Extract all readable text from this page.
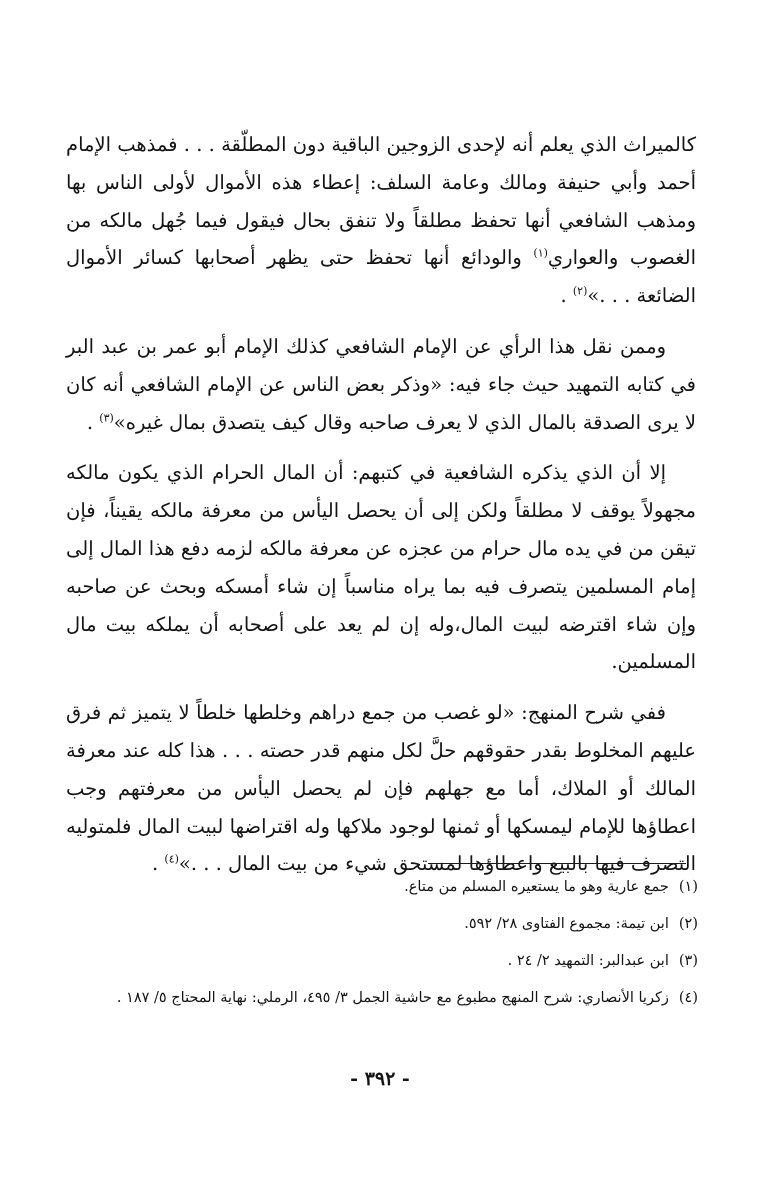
كالميراث الذي يعلم أنه لإحدى الزوجين الباقية دون المطلّقة . . . فمذهب الإمام أحمد وأبي حنيفة ومالك وعامة السلف: إعطاء هذه الأموال لأولى الناس بها ومذهب الشافعي أنها تحفظ مطلقاً ولا تنفق بحال فيقول فيما جُهل مالكه من الغصوب والعواري$^{(١)}$ والودائع أنها تحفظ حتى يظهر أصحابها كسائر الأموال الضائعة . . .»$^{(٢)}$ .

وممن نقل هذا الرأي عن الإمام الشافعي كذلك الإمام أبو عمر بن عبد البر في كتابه التمهيد حيث جاء فيه: «وذكر بعض الناس عن الإمام الشافعي أنه كان لا يرى الصدقة بالمال الذي لا يعرف صاحبه وقال كيف يتصدق بمال غيره»$^{(٣)}$ .

إلا أن الذي يذكره الشافعية في كتبهم: أن المال الحرام الذي يكون مالكه مجهولاً يوقف لا مطلقاً ولكن إلى أن يحصل اليأس من معرفة مالكه يقيناً، فإن تيقن من في يده مال حرام من عجزه عن معرفة مالكه لزمه دفع هذا المال إلى إمام المسلمين يتصرف فيه بما يراه مناسباً إن شاء أمسكه وبحث عن صاحبه وإن شاء اقترضه لبيت المال،وله إن لم يعد على أصحابه أن يملكه بيت مال المسلمين.

ففي شرح المنهج: «لو غصب من جمع دراهم وخلطها خلطاً لا يتميز ثم فرق عليهم المخلوط بقدر حقوقهم حلَّ لكل منهم قدر حصته . . . هذا كله عند معرفة المالك أو الملاك، أما مع جهلهم فإن لم يحصل اليأس من معرفتهم وجب اعطاؤها للإمام ليمسكها أو ثمنها لوجود ملاكها وله اقتراضها لبيت المال فلمتوليه التصرف فيها بالبيع واعطاؤها لمستحق شيء من بيت المال . . .»$^{(٤)}$ .

(١)
جمع عارية وهو ما يستعيره المسلم من متاع.
(٢)
ابن تيمة: مجموع الفتاوى ٢٨/ ٥٩٢.
(٣)
ابن عبدالبر: التمهيد ٢/ ٢٤ .
(٤)
زكريا الأنصاري: شرح المنهج مطبوع مع حاشية الجمل ٣/ ٤٩٥، الرملي: نهاية المحتاج ٥/ ١٨٧ .
- ٣٩٢ -
